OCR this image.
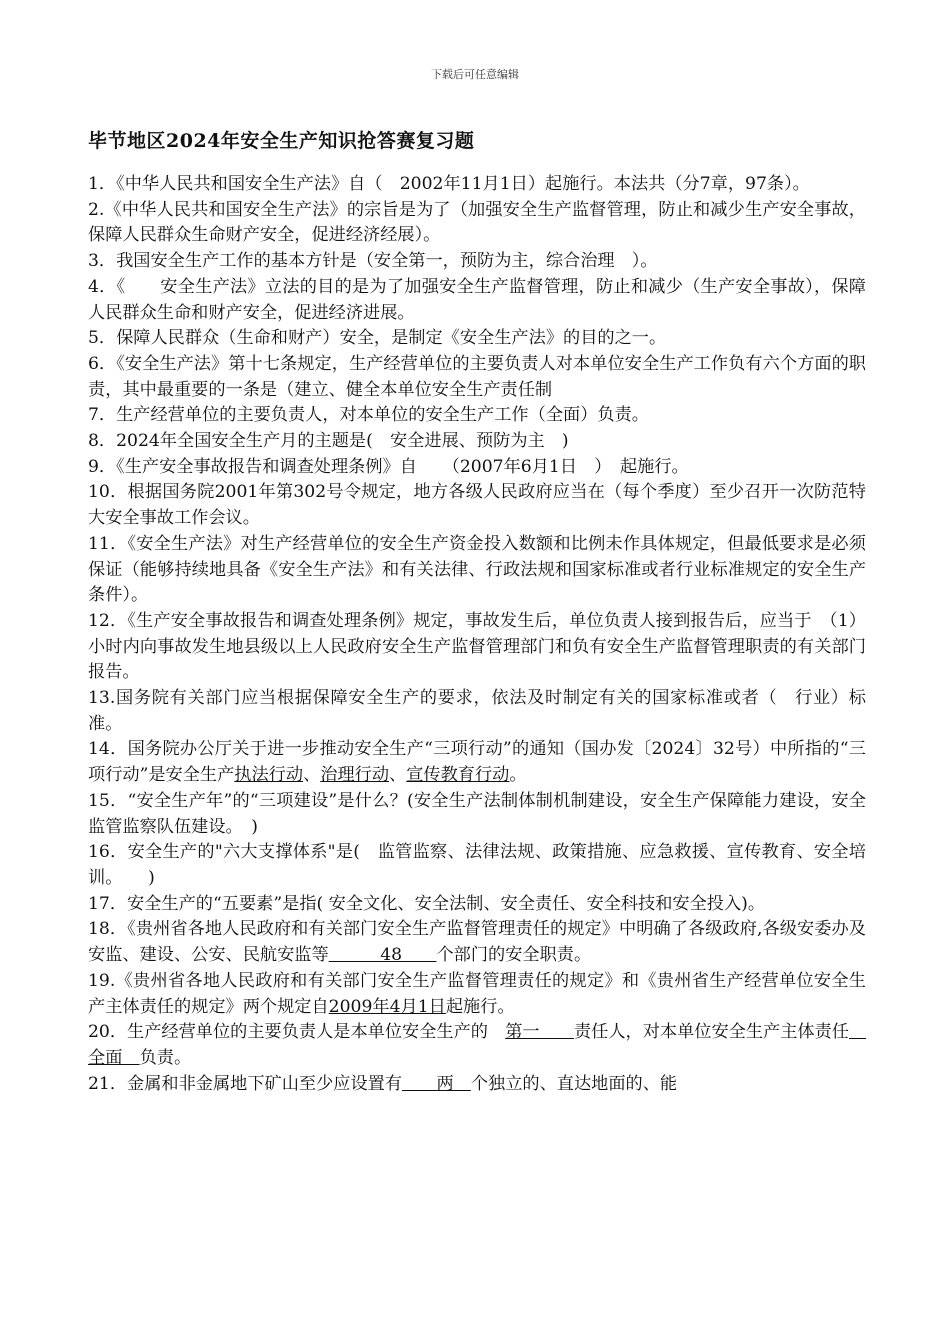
下载后可任意编辑
毕节地区2024年安全生产知识抢答赛复习题

1．《中华人民共和国安全生产法》自（　2002年11月1日）起施行。本法共（分7章，97条）。

2.《中华人民共和国安全生产法》的宗旨是为了（加强安全生产监督管理，防止和减少生产安全事故，保障人民群众生命财产安全，促进经济经展）。

3．我国安全生产工作的基本方针是（安全第一，预防为主，综合治理　）。

4．《　　安全生产法》立法的目的是为了加强安全生产监督管理，防止和减少（生产安全事故），保障人民群众生命和财产安全，促进经济进展。

5．保障人民群众（生命和财产）安全，是制定《安全生产法》的目的之一。

6．《安全生产法》第十七条规定，生产经营单位的主要负责人对本单位安全生产工作负有六个方面的职责，其中最重要的一条是（建立、健全本单位安全生产责任制

7．生产经营单位的主要负责人，对本单位的安全生产工作（全面）负责。

8．2024年全国安全生产月的主题是(　安全进展、预防为主　)

9．《生产安全事故报告和调查处理条例》自　　（2007年6月1日　）　起施行。

10．根据国务院2001年第302号令规定，地方各级人民政府应当在（每个季度）至少召开一次防范特大安全事故工作会议。

11．《安全生产法》对生产经营单位的安全生产资金投入数额和比例未作具体规定，但最低要求是必须保证（能够持续地具备《安全生产法》和有关法律、行政法规和国家标准或者行业标准规定的安全生产条件）。

12．《生产安全事故报告和调查处理条例》规定，事故发生后，单位负责人接到报告后，应当于　（1）小时内向事故发生地县级以上人民政府安全生产监督管理部门和负有安全生产监督管理职责的有关部门报告。

13.国务院有关部门应当根据保障安全生产的要求，依法及时制定有关的国家标准或者（　行业）标准。

14．国务院办公厅关于进一步推动安全生产“三项行动”的通知（国办发〔2024〕32号）中所指的“三项行动”是安全生产执法行动、治理行动、宣传教育行动。

15．“安全生产年”的“三项建设”是什么？(安全生产法制体制机制建设，安全生产保障能力建设，安全监管监察队伍建设。　)

16．安全生产的"六大支撑体系"是(　监管监察、法律法规、政策措施、应急救援、宣传教育、安全培训。　　)

17．安全生产的“五要素”是指( 安全文化、安全法制、安全责任、安全科技和安全投入)。

18．《贵州省各地人民政府和有关部门安全生产监督管理责任的规定》中明确了各级政府,各级安委办及安监、建设、公安、民航安监等　　　48　　个部门的安全职责。

19.《贵州省各地人民政府和有关部门安全生产监督管理责任的规定》和《贵州省生产经营单位安全生产主体责任的规定》两个规定自2009年4月1日起施行。

20．生产经营单位的主要负责人是本单位安全生产的　第一　　责任人，对本单位安全生产主体责任　全面　负责。

21．金属和非金属地下矿山至少应设置有　　两　个独立的、直达地面的、能
